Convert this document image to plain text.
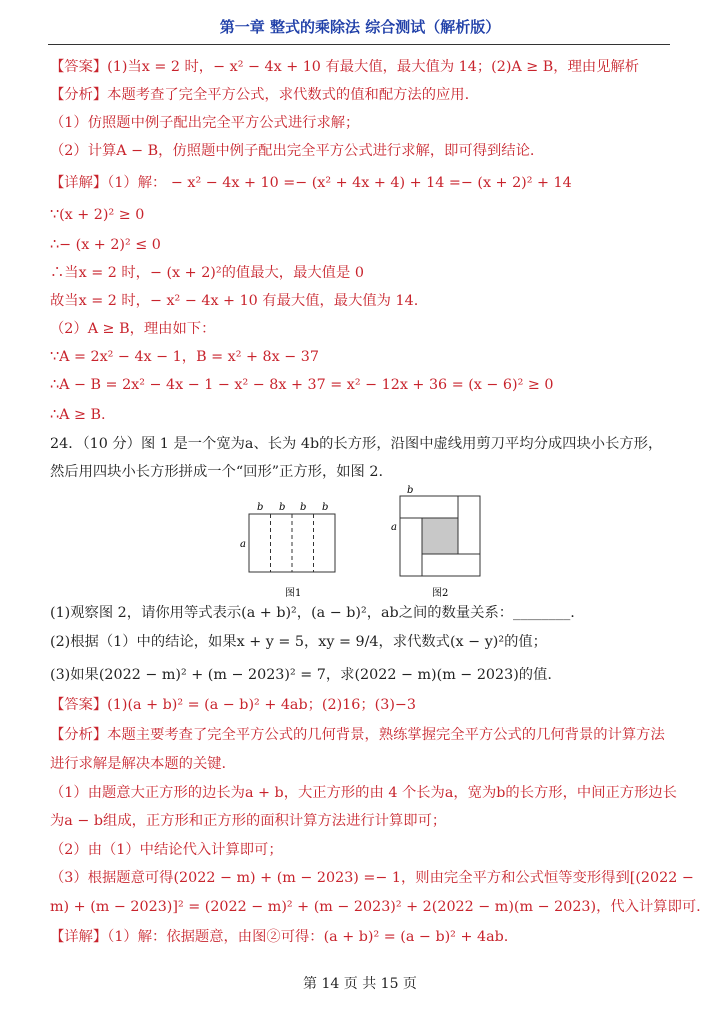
第一章 整式的乘除法 综合测试（解析版）
【答案】(1)当x = 2 时，− x² − 4x + 10 有最大值，最大值为 14；(2)A ≥ B，理由见解析
【分析】本题考查了完全平方公式，求代数式的值和配方法的应用.
（1）仿照题中例子配出完全平方公式进行求解；
（2）计算A − B，仿照题中例子配出完全平方公式进行求解，即可得到结论.
【详解】（1）解： − x² − 4x + 10 =− (x² + 4x + 4) + 14 =− (x + 2)² + 14
∵(x + 2)² ≥ 0
∴− (x + 2)² ≤ 0
∴当x = 2 时，− (x + 2)²的值最大，最大值是 0
故当x = 2 时，− x² − 4x + 10 有最大值，最大值为 14.
（2）A ≥ B，理由如下：
∵A = 2x² − 4x − 1，B = x² + 8x − 37
∴A − B = 2x² − 4x − 1 − x² − 8x + 37 = x² − 12x + 36 = (x − 6)² ≥ 0
∴A ≥ B.
24．（10 分）图 1 是一个宽为a、长为 4b的长方形，沿图中虚线用剪刀平均分成四块小长方形，
然后用四块小长方形拼成一个“回形”正方形，如图 2.
(1)观察图 2，请你用等式表示(a + b)²，(a − b)²，ab之间的数量关系：________.
(2)根据（1）中的结论，如果x + y = 5，xy = 9/4，求代数式(x − y)²的值；
(3)如果(2022 − m)² + (m − 2023)² = 7，求(2022 − m)(m − 2023)的值.
【答案】(1)(a + b)² = (a − b)² + 4ab；(2)16；(3)−3
【分析】本题主要考查了完全平方公式的几何背景，熟练掌握完全平方公式的几何背景的计算方法
进行求解是解决本题的关键.
（1）由题意大正方形的边长为a + b，大正方形的由 4 个长为a，宽为b的长方形，中间正方形边长
为a − b组成，正方形和正方形的面积计算方法进行计算即可；
（2）由（1）中结论代入计算即可；
（3）根据题意可得(2022 − m) + (m − 2023) =− 1，则由完全平方和公式恒等变形得到[(2022 −
m) + (m − 2023)]² = (2022 − m)² + (m − 2023)² + 2(2022 − m)(m − 2023)，代入计算即可.
【详解】（1）解：依据题意，由图②可得：(a + b)² = (a − b)² + 4ab.
b b b b
a
图1
b
a
图2
第 14 页 共 15 页
